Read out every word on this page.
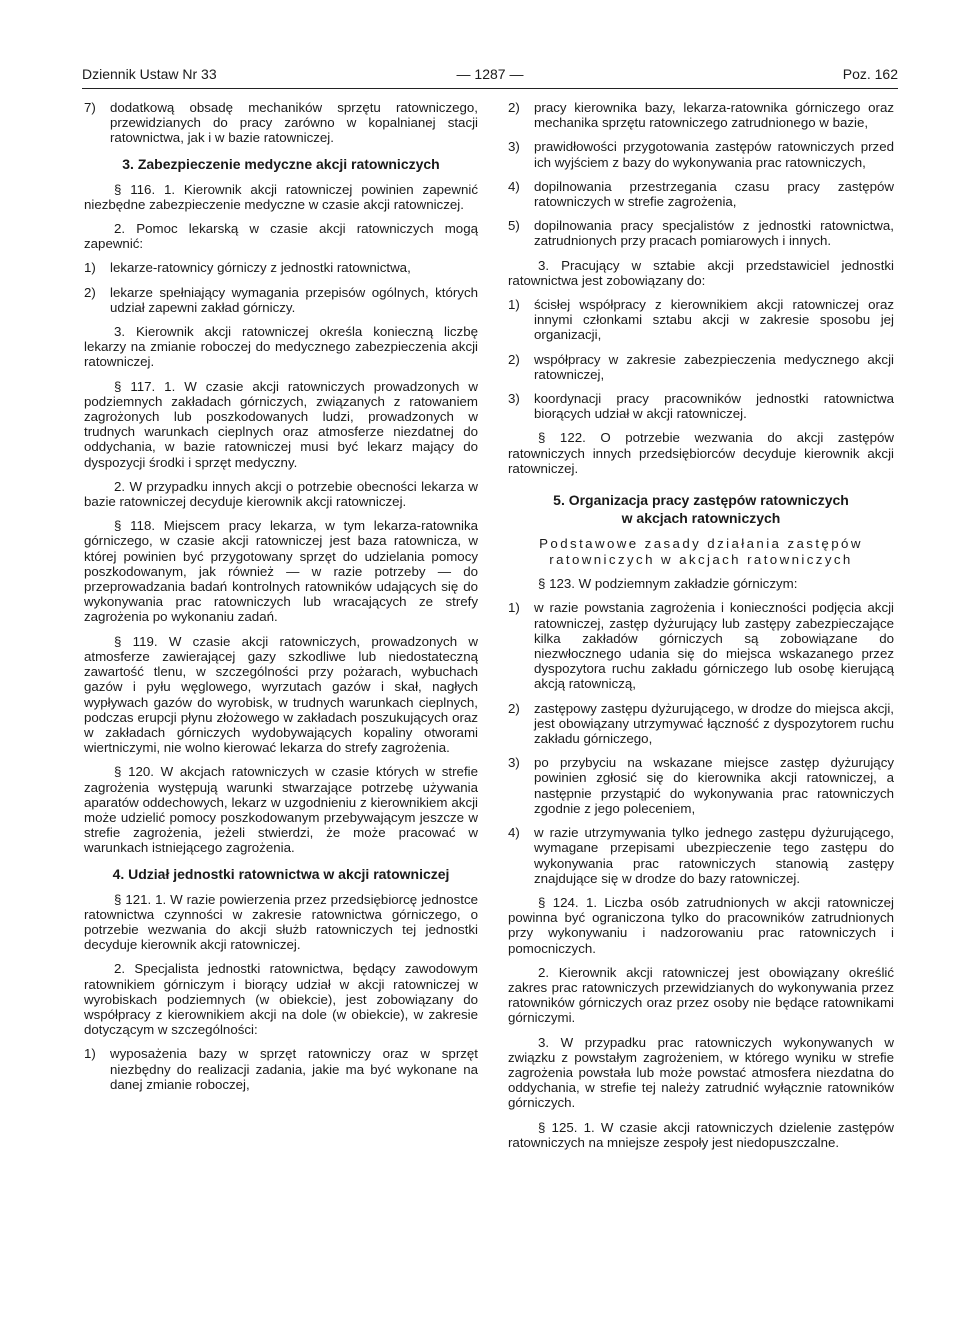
Dziennik Ustaw Nr 33	— 1287 —	Poz. 162
7)	dodatkową obsadę mechaników sprzętu ratowniczego, przewidzianych do pracy zarówno w kopalnianej stacji ratownictwa, jak i w bazie ratowniczej.
3. Zabezpieczenie medyczne akcji ratowniczych

§ 116. 1. Kierownik akcji ratowniczej powinien zapewnić niezbędne zabezpieczenie medyczne w czasie akcji ratowniczej.

2. Pomoc lekarską w czasie akcji ratowniczych mogą zapewnić:

1)	lekarze-ratownicy górniczy z jednostki ratownictwa,
2)	lekarze spełniający wymagania przepisów ogólnych, których udział zapewni zakład górniczy.

3. Kierownik akcji ratowniczej określa konieczną liczbę lekarzy na zmianie roboczej do medycznego zabezpieczenia akcji ratowniczej.

§ 117. 1. W czasie akcji ratowniczych prowadzonych w podziemnych zakładach górniczych, związanych z ratowaniem zagrożonych lub poszkodowanych ludzi, prowadzonych w trudnych warunkach cieplnych oraz atmosferze niezdatnej do oddychania, w bazie ratowniczej musi być lekarz mający do dyspozycji środki i sprzęt medyczny.

2. W przypadku innych akcji o potrzebie obecności lekarza w bazie ratowniczej decyduje kierownik akcji ratowniczej.

§ 118. Miejscem pracy lekarza, w tym lekarza-ratownika górniczego, w czasie akcji ratowniczej jest baza ratownicza, w której powinien być przygotowany sprzęt do udzielania pomocy poszkodowanym, jak również — w razie potrzeby — do przeprowadzania badań kontrolnych ratowników udających się do wykonywania prac ratowniczych lub wracających ze strefy zagrożenia po wykonaniu zadań.

§ 119. W czasie akcji ratowniczych, prowadzonych w atmosferze zawierającej gazy szkodliwe lub niedostateczną zawartość tlenu, w szczególności przy pożarach, wybuchach gazów i pyłu węglowego, wyrzutach gazów i skał, nagłych wypływach gazów do wyrobisk, w trudnych warunkach cieplnych, podczas erupcji płynu złożowego w zakładach poszukujących oraz w zakładach górniczych wydobywających kopaliny otworami wiertniczymi, nie wolno kierować lekarza do strefy zagrożenia.

§ 120. W akcjach ratowniczych w czasie których w strefie zagrożenia występują warunki stwarzające potrzebę używania aparatów oddechowych, lekarz w uzgodnieniu z kierownikiem akcji może udzielić pomocy poszkodowanym przebywającym jeszcze w strefie zagrożenia, jeżeli stwierdzi, że może pracować w warunkach istniejącego zagrożenia.

4. Udział jednostki ratownictwa w akcji ratowniczej

§ 121. 1. W razie powierzenia przez przedsiębiorcę jednostce ratownictwa czynności w zakresie ratownictwa górniczego, o potrzebie wezwania do akcji służb ratowniczych tej jednostki decyduje kierownik akcji ratowniczej.

2. Specjalista jednostki ratownictwa, będący zawodowym ratownikiem górniczym i biorący udział w akcji ratowniczej w wyrobiskach podziemnych (w obiekcie), jest zobowiązany do współpracy z kierownikiem akcji na dole (w obiekcie), w zakresie dotyczącym w szczególności:

1)	wyposażenia bazy w sprzęt ratowniczy oraz w sprzęt niezbędny do realizacji zadania, jakie ma być wykonane na danej zmianie roboczej,
2)	pracy kierownika bazy, lekarza-ratownika górniczego oraz mechanika sprzętu ratowniczego zatrudnionego w bazie,
3)	prawidłowości przygotowania zastępów ratowniczych przed ich wyjściem z bazy do wykonywania prac ratowniczych,
4)	dopilnowania przestrzegania czasu pracy zastępów ratowniczych w strefie zagrożenia,
5)	dopilnowania pracy specjalistów z jednostki ratownictwa, zatrudnionych przy pracach pomiarowych i innych.

3. Pracujący w sztabie akcji przedstawiciel jednostki ratownictwa jest zobowiązany do:

1)	ścisłej współpracy z kierownikiem akcji ratowniczej oraz innymi członkami sztabu akcji w zakresie sposobu jej organizacji,
2)	współpracy w zakresie zabezpieczenia medycznego akcji ratowniczej,
3)	koordynacji pracy pracowników jednostki ratownictwa biorących udział w akcji ratowniczej.

§ 122. O potrzebie wezwania do akcji zastępów ratowniczych innych przedsiębiorców decyduje kierownik akcji ratowniczej.

5. Organizacja pracy zastępów ratowniczych
w akcjach ratowniczych
Podstawowe zasady działania zastępów
ratowniczych w akcjach ratowniczych

§ 123. W podziemnym zakładzie górniczym:

1)	w razie powstania zagrożenia i konieczności podjęcia akcji ratowniczej, zastęp dyżurujący lub zastępy zabezpieczające kilka zakładów górniczych są zobowiązane do niezwłocznego udania się do miejsca wskazanego przez dyspozytora ruchu zakładu górniczego lub osobę kierującą akcją ratowniczą,
2)	zastępowy zastępu dyżurującego, w drodze do miejsca akcji, jest obowiązany utrzymywać łączność z dyspozytorem ruchu zakładu górniczego,
3)	po przybyciu na wskazane miejsce zastęp dyżurujący powinien zgłosić się do kierownika akcji ratowniczej, a następnie przystąpić do wykonywania prac ratowniczych zgodnie z jego poleceniem,
4)	w razie utrzymywania tylko jednego zastępu dyżurującego, wymagane przepisami ubezpieczenie tego zastępu do wykonywania prac ratowniczych stanowią zastępy znajdujące się w drodze do bazy ratowniczej.

§ 124. 1. Liczba osób zatrudnionych w akcji ratowniczej powinna być ograniczona tylko do pracowników zatrudnionych przy wykonywaniu i nadzorowaniu prac ratowniczych i pomocniczych.

2. Kierownik akcji ratowniczej jest obowiązany określić zakres prac ratowniczych przewidzianych do wykonywania przez ratowników górniczych oraz przez osoby nie będące ratownikami górniczymi.

3. W przypadku prac ratowniczych wykonywanych w związku z powstałym zagrożeniem, w którego wyniku w strefie zagrożenia powstała lub może powstać atmosfera niezdatna do oddychania, w strefie tej należy zatrudnić wyłącznie ratowników górniczych.

§ 125. 1. W czasie akcji ratowniczych dzielenie zastępów ratowniczych na mniejsze zespoły jest niedopuszczalne.
